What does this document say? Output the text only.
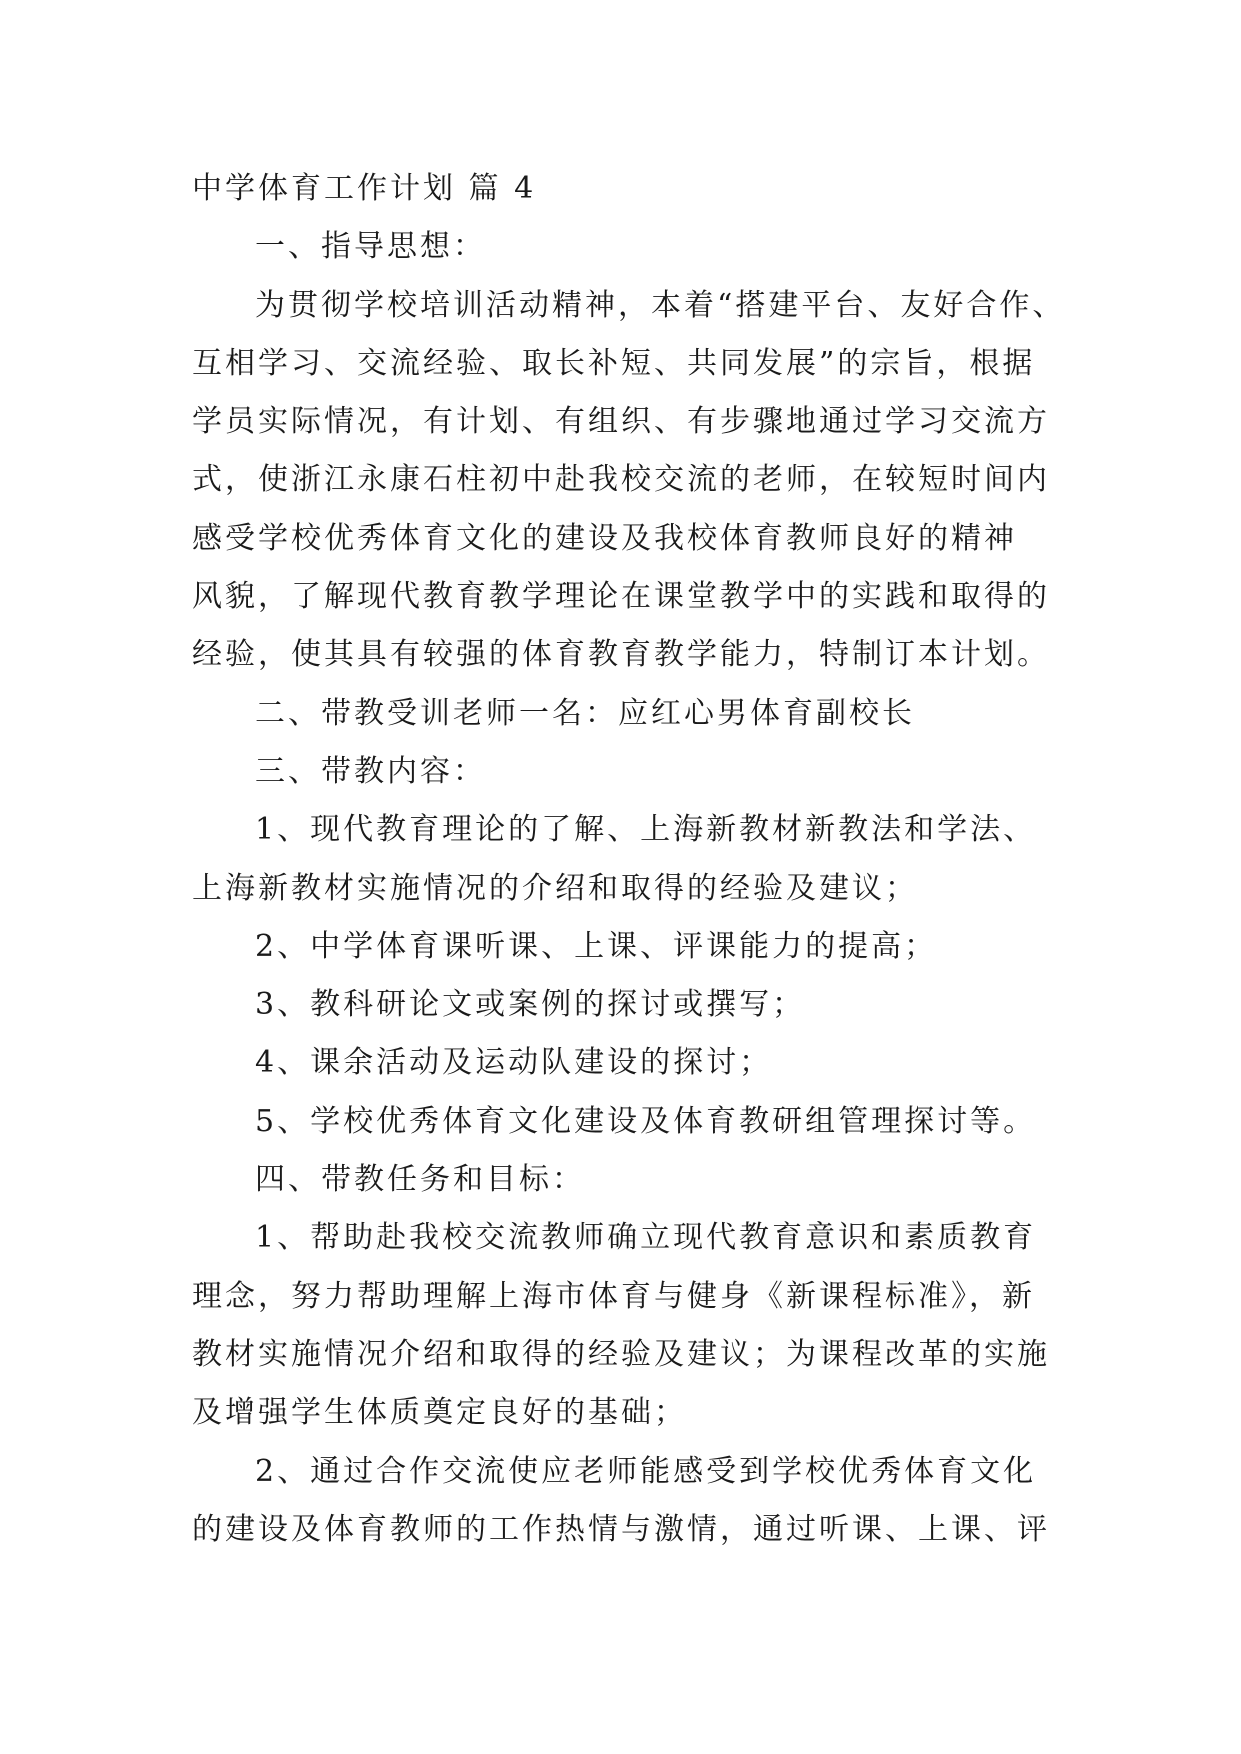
中学体育工作计划 篇 4
一、指导思想：
为贯彻学校培训活动精神，本着“搭建平台、友好合作、
互相学习、交流经验、取长补短、共同发展”的宗旨，根据
学员实际情况，有计划、有组织、有步骤地通过学习交流方
式，使浙江永康石柱初中赴我校交流的老师，在较短时间内
感受学校优秀体育文化的建设及我校体育教师良好的精神
风貌，了解现代教育教学理论在课堂教学中的实践和取得的
经验，使其具有较强的体育教育教学能力，特制订本计划。
二、带教受训老师一名：应红心男体育副校长
三、带教内容：
1、现代教育理论的了解、上海新教材新教法和学法、
上海新教材实施情况的介绍和取得的经验及建议；
2、中学体育课听课、上课、评课能力的提高；
3、教科研论文或案例的探讨或撰写；
4、课余活动及运动队建设的探讨；
5、学校优秀体育文化建设及体育教研组管理探讨等。
四、带教任务和目标：
1、帮助赴我校交流教师确立现代教育意识和素质教育
理念，努力帮助理解上海市体育与健身《新课程标准》，新
教材实施情况介绍和取得的经验及建议；为课程改革的实施
及增强学生体质奠定良好的基础；
2、通过合作交流使应老师能感受到学校优秀体育文化
的建设及体育教师的工作热情与激情，通过听课、上课、评
